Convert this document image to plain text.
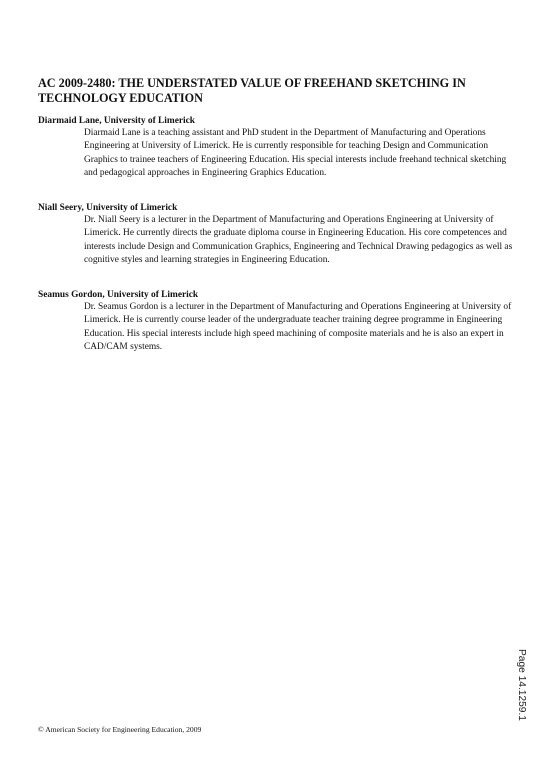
AC 2009-2480: THE UNDERSTATED VALUE OF FREEHAND SKETCHING IN TECHNOLOGY EDUCATION

Diarmaid Lane, University of Limerick

Diarmaid Lane is a teaching assistant and PhD student in the Department of Manufacturing and Operations Engineering at University of Limerick. He is currently responsible for teaching Design and Communication Graphics to trainee teachers of Engineering Education. His special interests include freehand technical sketching and pedagogical approaches in Engineering Graphics Education.

Niall Seery, University of Limerick

Dr. Niall Seery is a lecturer in the Department of Manufacturing and Operations Engineering at University of Limerick. He currently directs the graduate diploma course in Engineering Education. His core competences and interests include Design and Communication Graphics, Engineering and Technical Drawing pedagogics as well as cognitive styles and learning strategies in Engineering Education.

Seamus Gordon, University of Limerick

Dr. Seamus Gordon is a lecturer in the Department of Manufacturing and Operations Engineering at University of Limerick. He is currently course leader of the undergraduate teacher training degree programme in Engineering Education. His special interests include high speed machining of composite materials and he is also an expert in CAD/CAM systems.

Page 14.1259.1
© American Society for Engineering Education, 2009
